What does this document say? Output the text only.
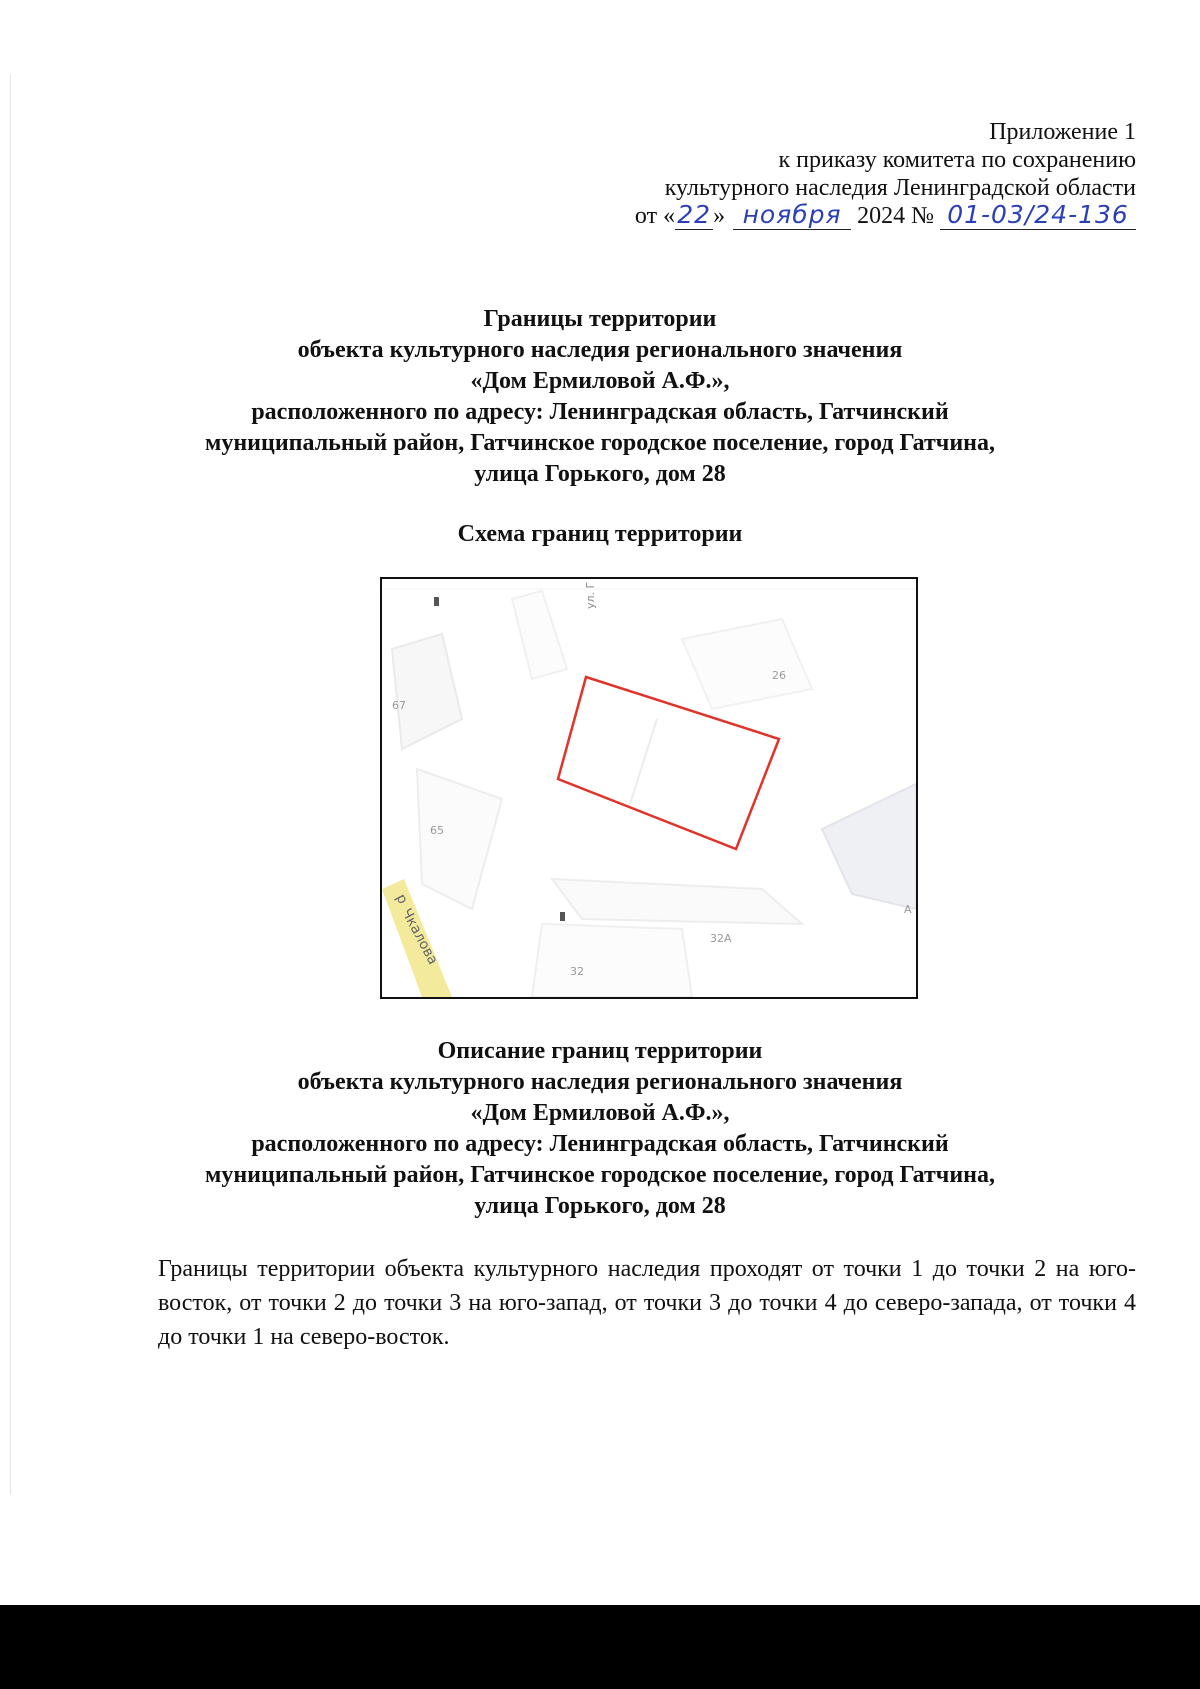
Приложение 1
к приказу комитета по сохранению
культурного наследия Ленинградской области
от «22» ноября 2024 № 01-03/24-136
Границы территории
объекта культурного наследия регионального значения
«Дом Ермиловой А.Ф.»,
расположенного по адресу: Ленинградская область, Гатчинский
муниципальный район, Гатчинское городское поселение, город Гатчина,
улица Горького, дом 28
Схема границ территории
ул. Г
р
Чкалова
26
67
65
32A
32
A
Описание границ территории
объекта культурного наследия регионального значения
«Дом Ермиловой А.Ф.»,
расположенного по адресу: Ленинградская область, Гатчинский
муниципальный район, Гатчинское городское поселение, город Гатчина,
улица Горького, дом 28
Границы территории объекта культурного наследия проходят от точки 1 до точки 2 на юго-восток, от точки 2 до точки 3 на юго-запад, от точки 3 до точки 4 до северо-запада, от точки 4 до точки 1 на северо-восток.
